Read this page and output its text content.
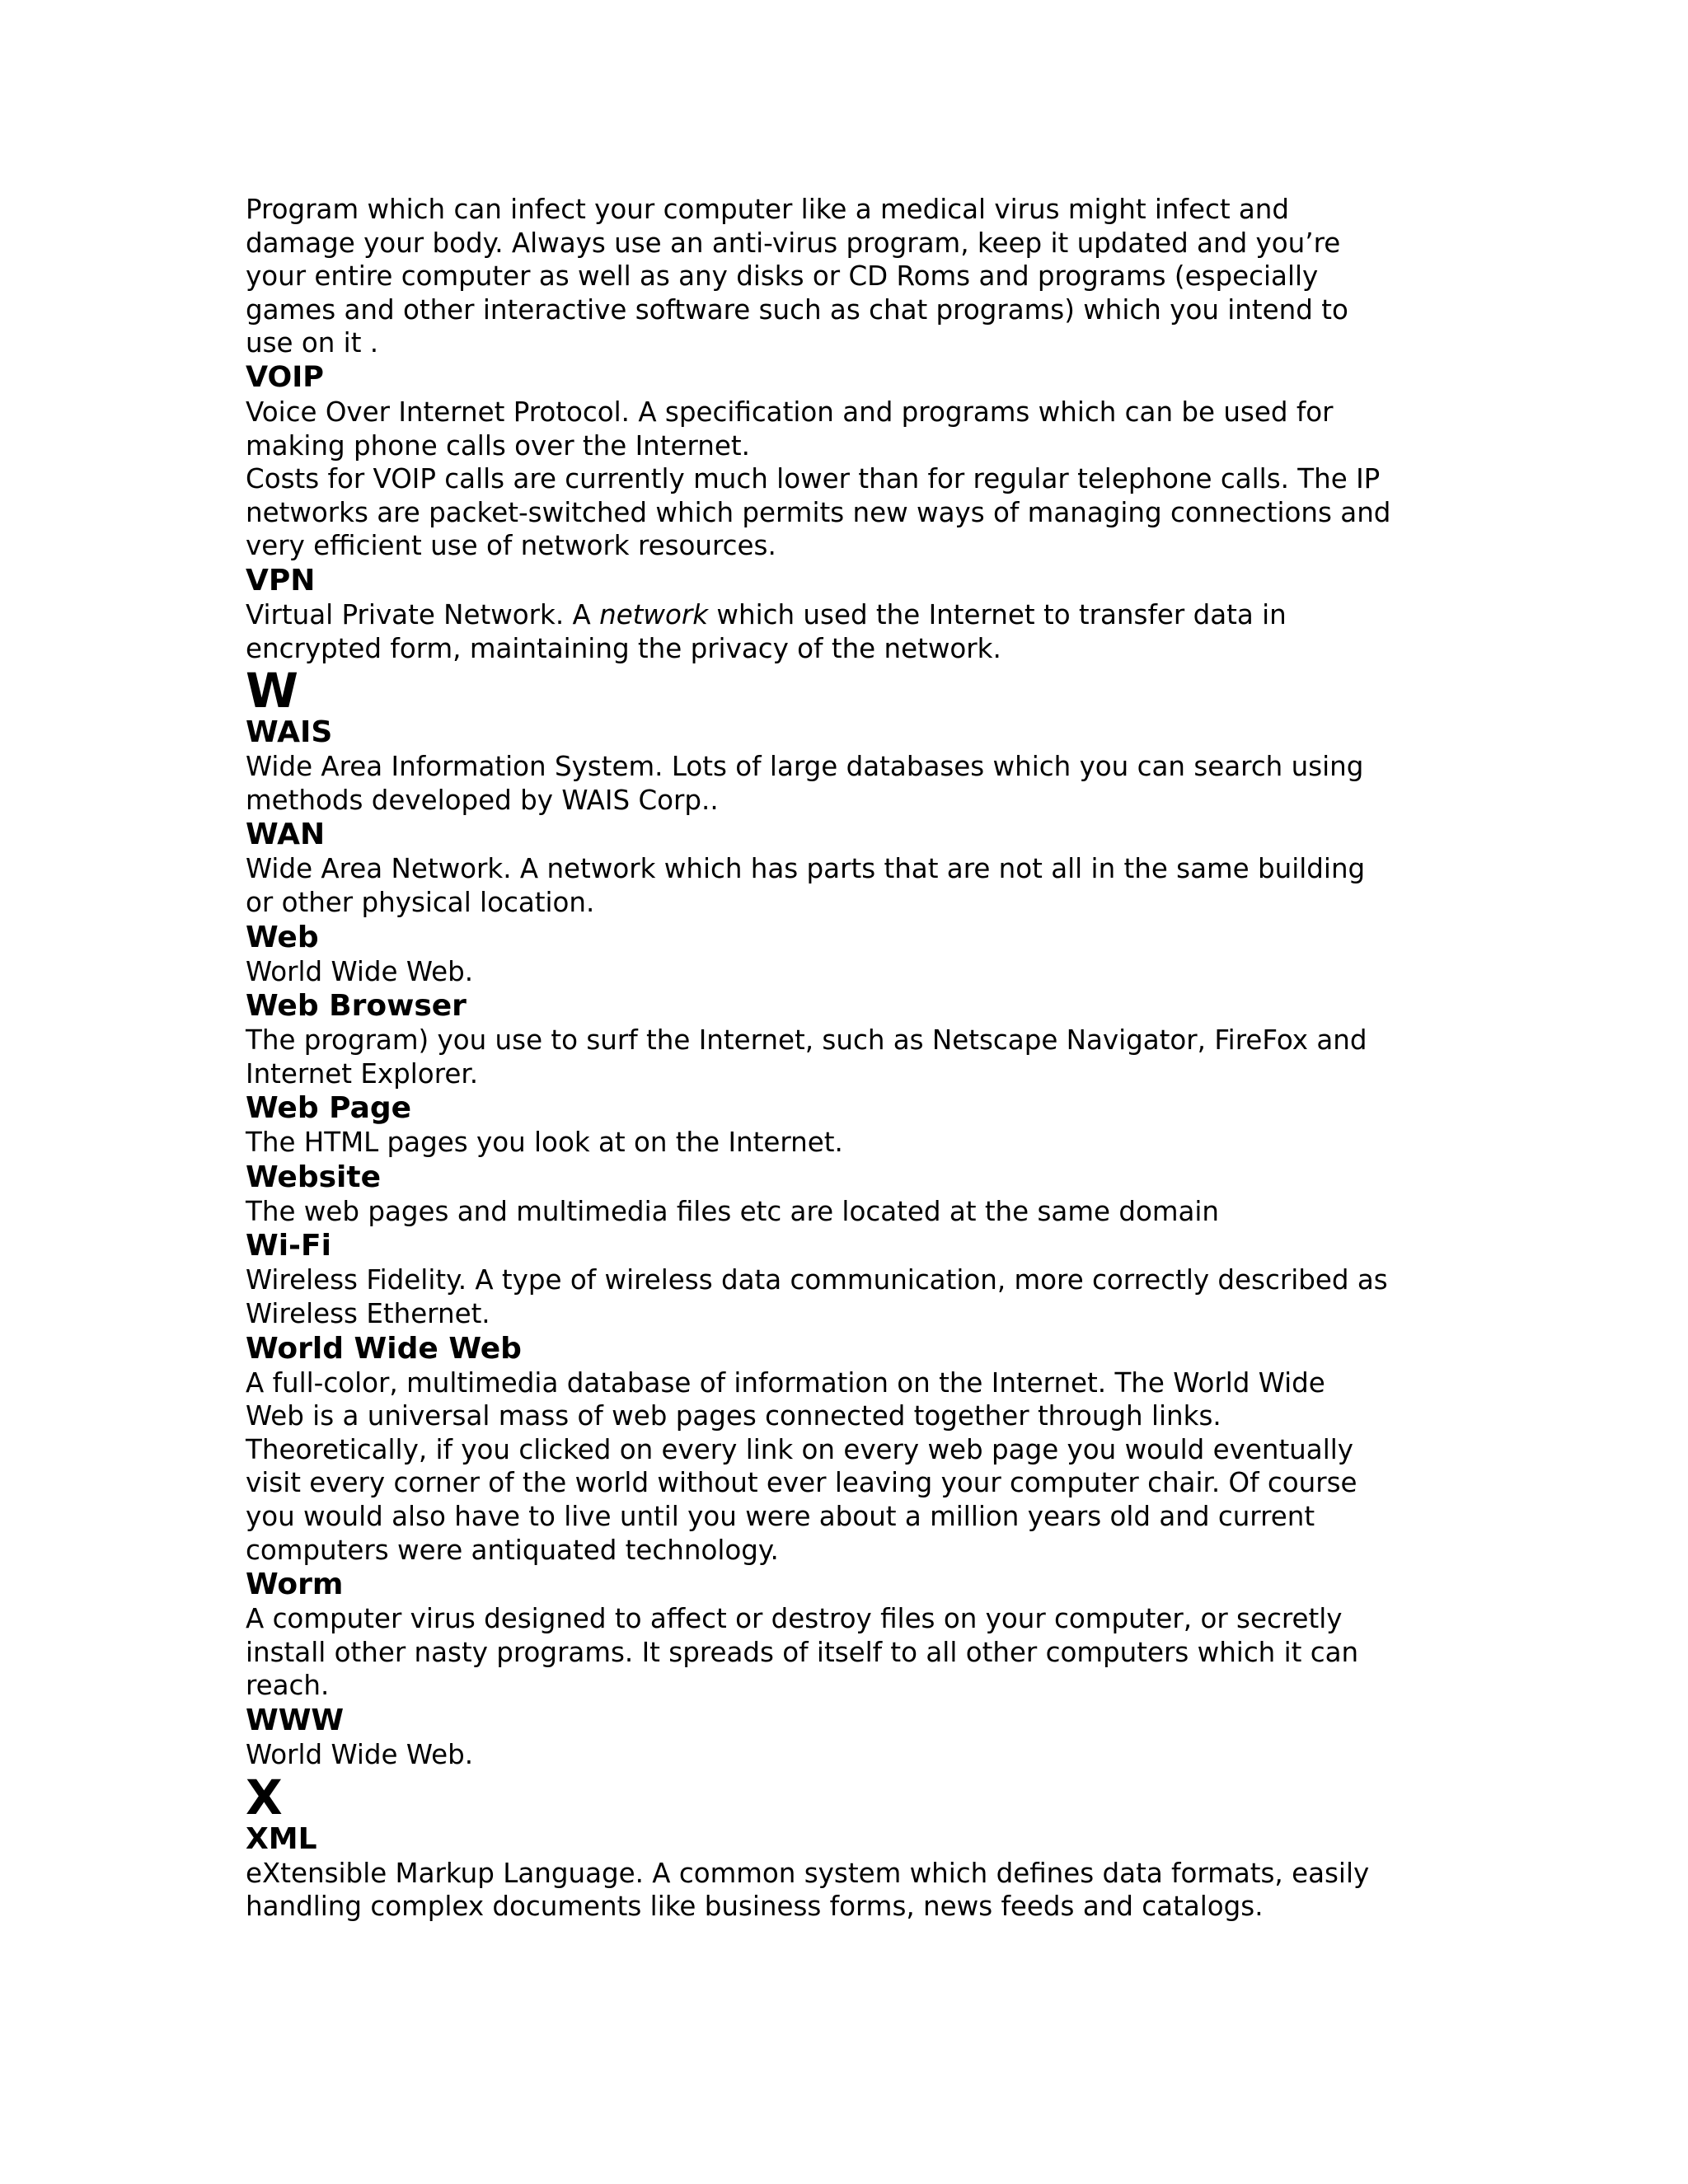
Program which can infect your computer like a medical virus might infect and
damage your body. Always use an anti-virus program, keep it updated and you’re
your entire computer as well as any disks or CD Roms and programs (especially
games and other interactive software such as chat programs) which you intend to
use on it .

VOIP

Voice Over Internet Protocol. A specification and programs which can be used for
making phone calls over the Internet.

Costs for VOIP calls are currently much lower than for regular telephone calls. The IP
networks are packet-switched which permits new ways of managing connections and
very efficient use of network resources.

VPN

Virtual Private Network. A network which used the Internet to transfer data in
encrypted form, maintaining the privacy of the network.

W
WAIS

Wide Area Information System. Lots of large databases which you can search using
methods developed by WAIS Corp..

WAN

Wide Area Network. A network which has parts that are not all in the same building
or other physical location.

Web

World Wide Web.

Web Browser

The program) you use to surf the Internet, such as Netscape Navigator, FireFox and
Internet Explorer.

Web Page

The HTML pages you look at on the Internet.

Website

The web pages and multimedia files etc are located at the same domain

Wi-Fi

Wireless Fidelity. A type of wireless data communication, more correctly described as
Wireless Ethernet.

World Wide Web

A full-color, multimedia database of information on the Internet. The World Wide
Web is a universal mass of web pages connected together through links.
Theoretically, if you clicked on every link on every web page you would eventually
visit every corner of the world without ever leaving your computer chair. Of course
you would also have to live until you were about a million years old and current
computers were antiquated technology.

Worm

A computer virus designed to affect or destroy files on your computer, or secretly
install other nasty programs. It spreads of itself to all other computers which it can
reach.

WWW

World Wide Web.

X
XML

eXtensible Markup Language. A common system which defines data formats, easily
handling complex documents like business forms, news feeds and catalogs.
